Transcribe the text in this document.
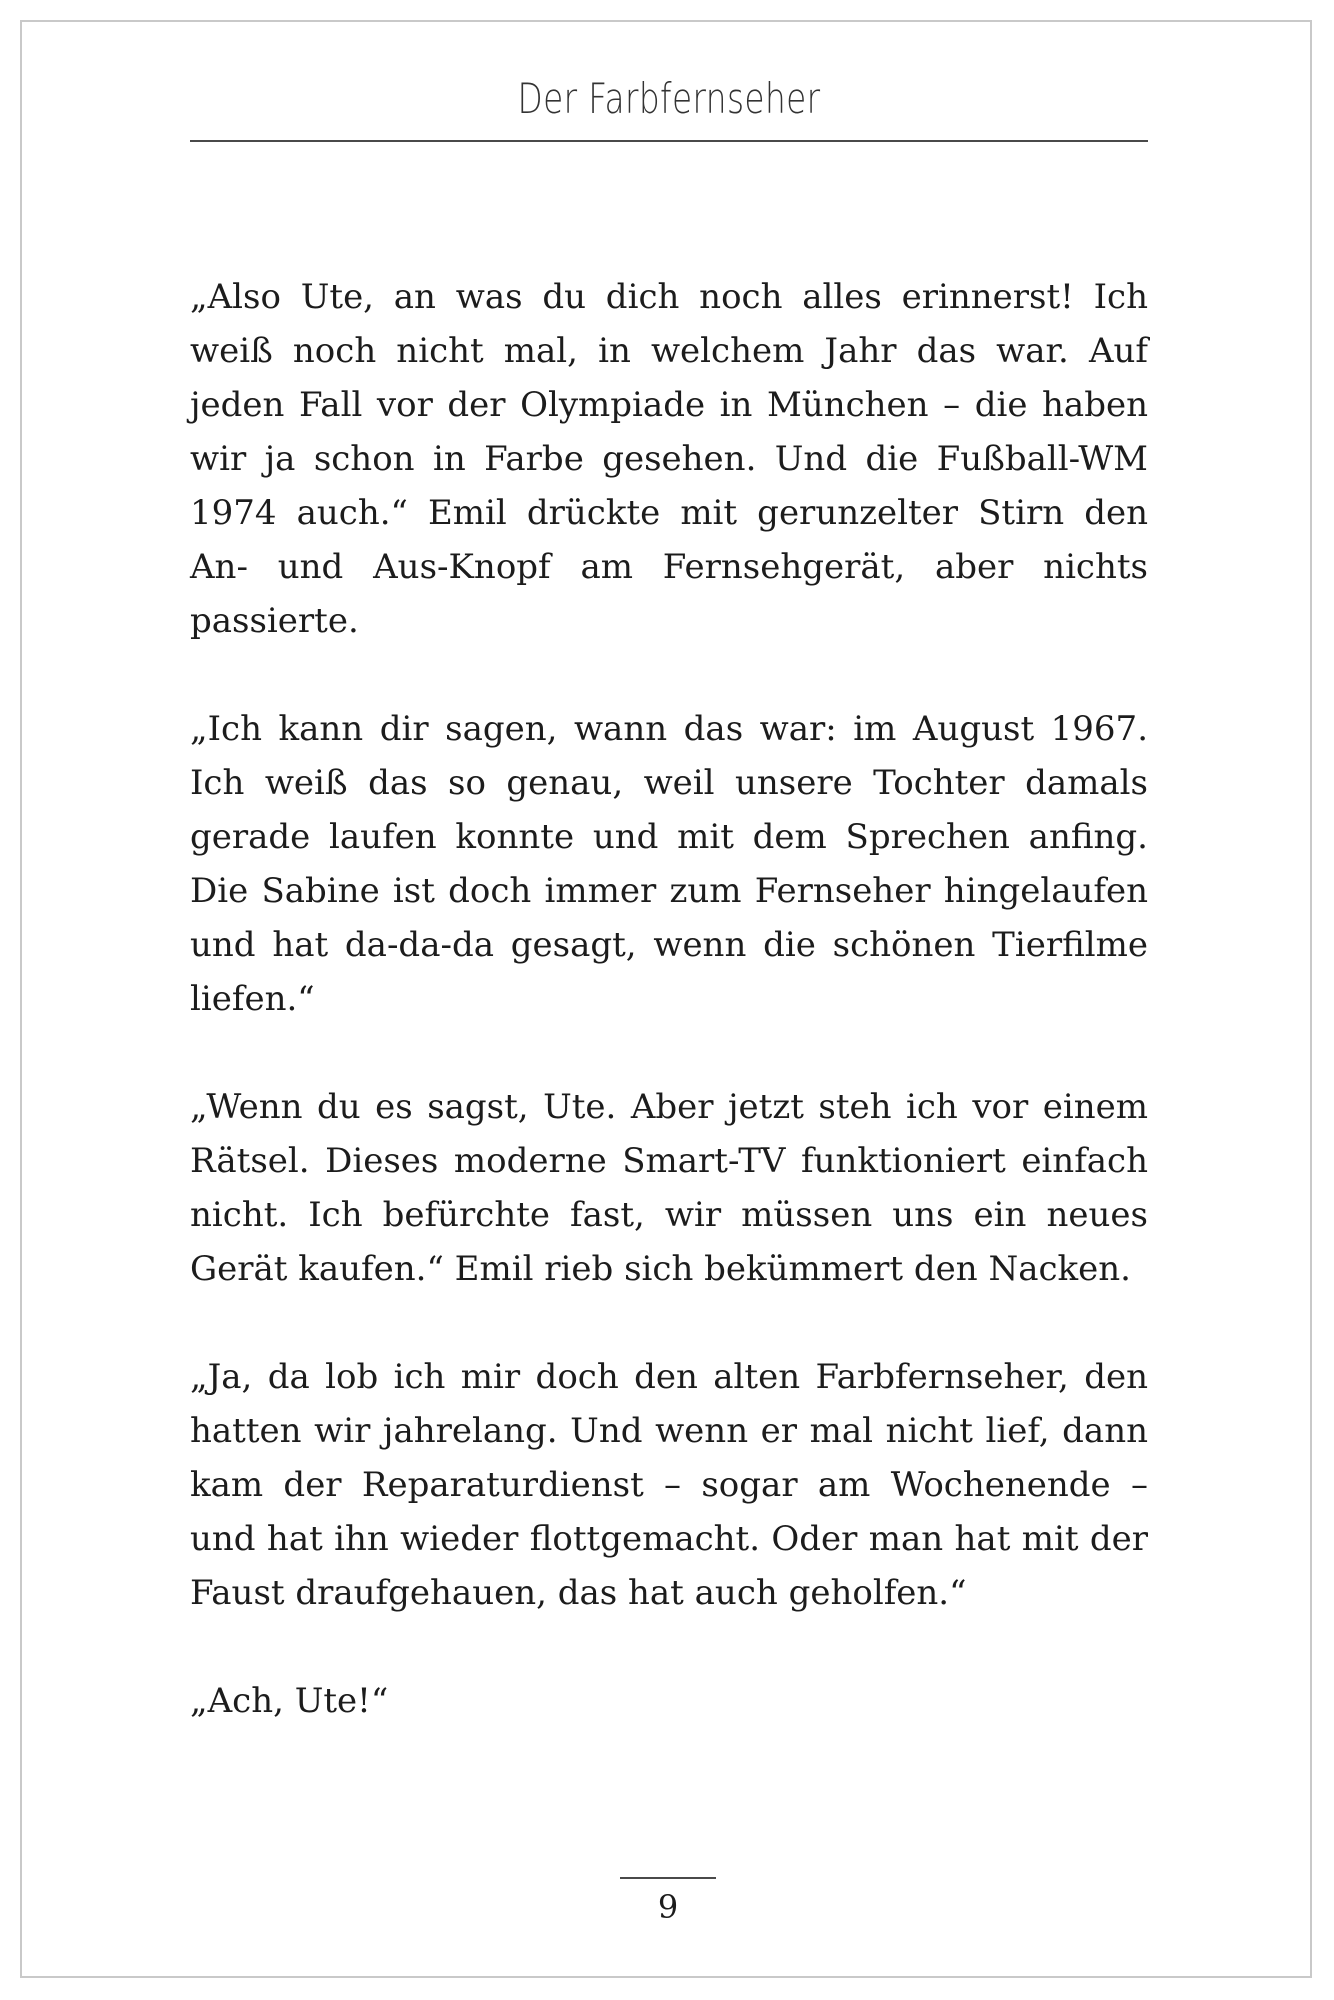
Der Farbfernseher

„Also Ute, an was du dich noch alles erinnerst! Ich weiß noch nicht mal, in welchem Jahr das war. Auf jeden Fall vor der Olympiade in München – die haben wir ja schon in Farbe gesehen. Und die Fußball-WM 1974 auch.“ Emil drückte mit gerunzelter Stirn den An- und Aus-Knopf am Fernsehgerät, aber nichts passierte.

„Ich kann dir sagen, wann das war: im August 1967. Ich weiß das so genau, weil unsere Tochter damals gerade laufen konnte und mit dem Sprechen anfing. Die Sabine ist doch immer zum Fernseher hingelaufen und hat da-da-da gesagt, wenn die schönen Tierfilme liefen.“

„Wenn du es sagst, Ute. Aber jetzt steh ich vor einem Rätsel. Dieses moderne Smart-TV funktioniert einfach nicht. Ich befürchte fast, wir müssen uns ein neues Gerät kaufen.“ Emil rieb sich bekümmert den Nacken.

„Ja, da lob ich mir doch den alten Farbfernseher, den hatten wir jahrelang. Und wenn er mal nicht lief, dann kam der Reparaturdienst – sogar am Wochenende – und hat ihn wieder flottgemacht. Oder man hat mit der Faust draufgehauen, das hat auch geholfen.“

„Ach, Ute!“

9
